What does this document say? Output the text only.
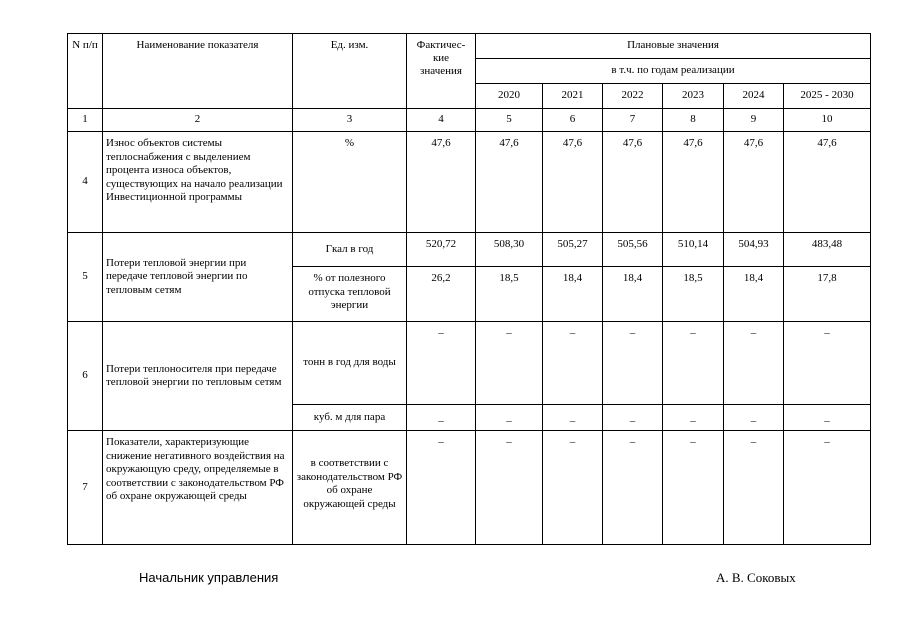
N п/п	Наименование показателя	Ед. изм.	Фактичес-
кие
значения	Плановые значения					
				в т.ч. по годам реализации					
				2020	2021	2022	2023	2024	2025 - 2030
1	2	3	4	5	6	7	8	9	10
4	Износ объектов системы теплоснабжения с выделением процента износа объектов, существующих на начало реализации Инвестиционной программы	%	47,6	47,6	47,6	47,6	47,6	47,6	47,6
5	Потери тепловой энергии при передаче тепловой энергии по тепловым сетям	Гкал в год	520,72	508,30	505,27	505,56	510,14	504,93	483,48
		% от полезного отпуска тепловой энергии	26,2	18,5	18,4	18,4	18,5	18,4	17,8
6	Потери теплоносителя при передаче тепловой энергии по тепловым сетям	тонн в год для воды	–	–	–	–	–	–	–
		куб. м для пара	_	_	_	_	_	_	_
7	Показатели, характеризующие снижение негативного воздействия на окружающую среду, определяемые в соответствии с законодательством РФ об охране окружающей среды	в соответствии с законодательством РФ об охране окружающей среды	–	–	–	–	–	–	–
Начальник управления	А. В. Соковых
